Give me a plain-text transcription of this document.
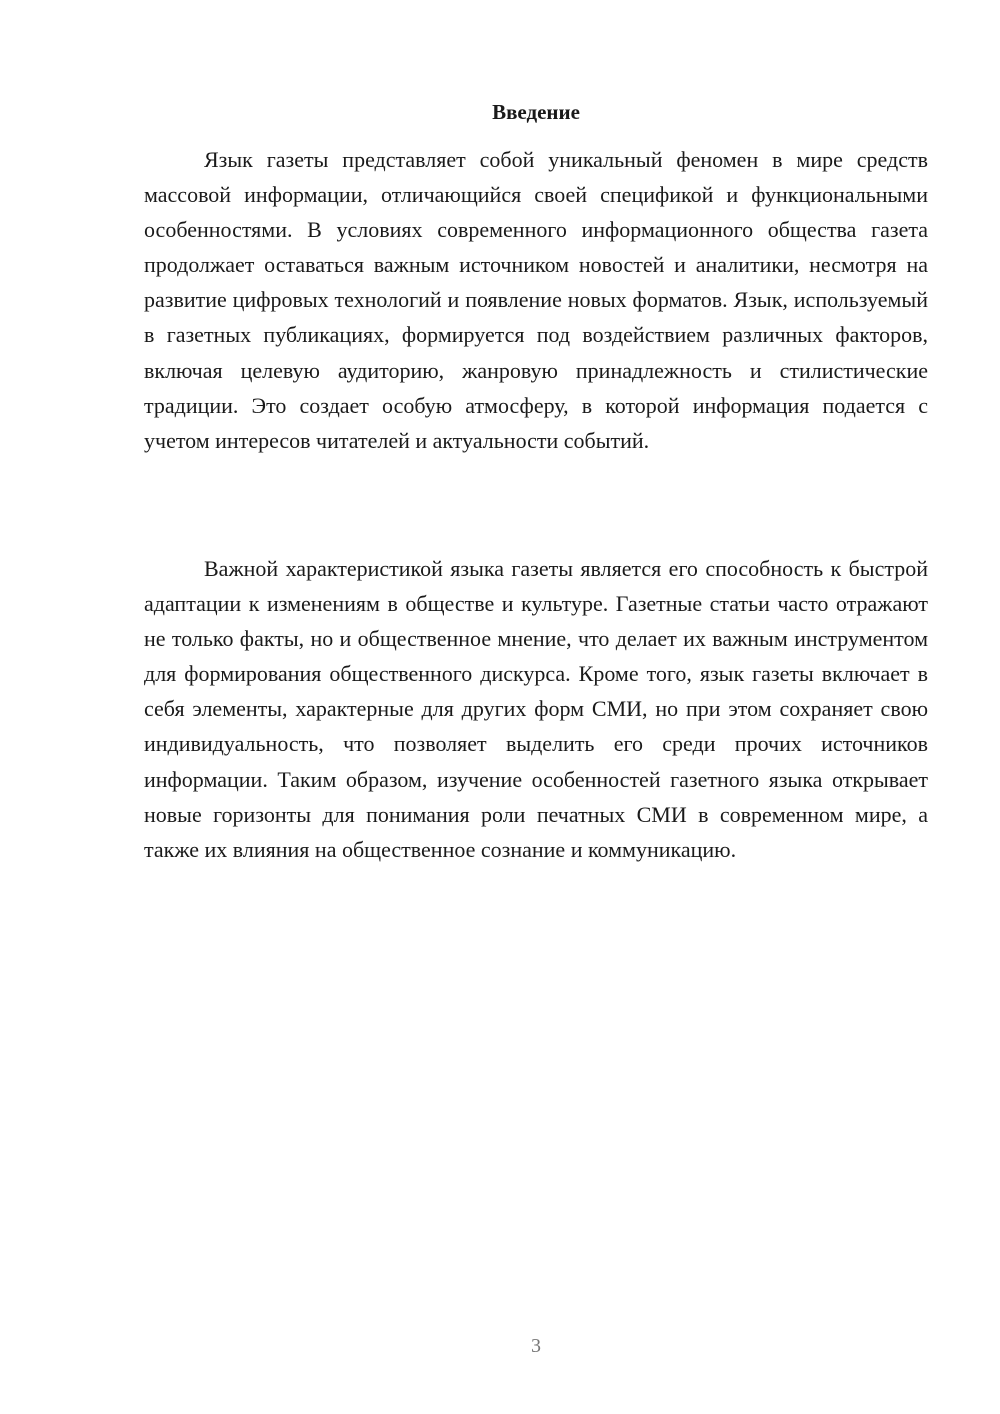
Введение

Язык газеты представляет собой уникальный феномен в мире средств массовой информации, отличающийся своей спецификой и функциональными особенностями. В условиях современного информационного общества газета продолжает оставаться важным источником новостей и аналитики, несмотря на развитие цифровых технологий и появление новых форматов. Язык, используемый в газетных публикациях, формируется под воздействием различных факторов, включая целевую аудиторию, жанровую принадлежность и стилистические традиции. Это создает особую атмосферу, в которой информация подается с учетом интересов читателей и актуальности событий.

Важной характеристикой языка газеты является его способность к быстрой адаптации к изменениям в обществе и культуре. Газетные статьи часто отражают не только факты, но и общественное мнение, что делает их важным инструментом для формирования общественного дискурса. Кроме того, язык газеты включает в себя элементы, характерные для других форм СМИ, но при этом сохраняет свою индивидуальность, что позволяет выделить его среди прочих источников информации. Таким образом, изучение особенностей газетного языка открывает новые горизонты для понимания роли печатных СМИ в современном мире, а также их влияния на общественное сознание и коммуникацию.

3
